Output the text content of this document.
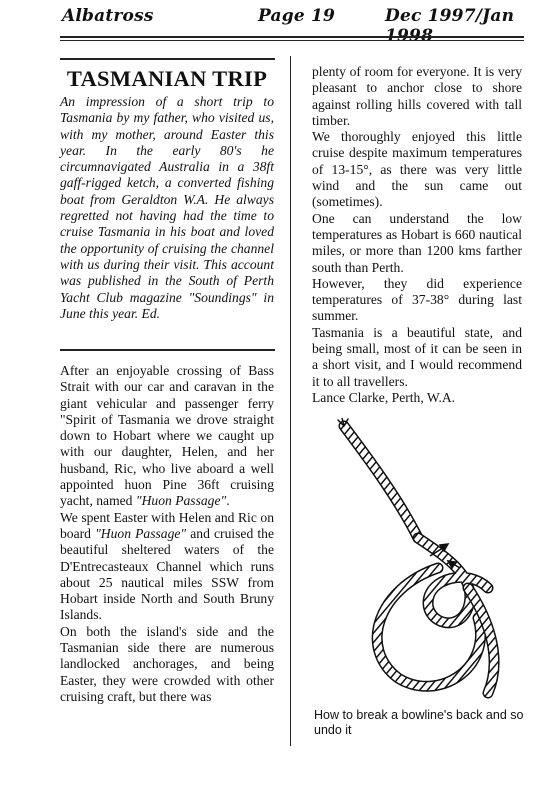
Albatross	Page 19	Dec 1997/Jan 1998
TASMANIAN TRIP

An impression of a short trip to Tasmania by my father, who visited us, with my mother, around Easter this year. In the early 80's he circumnavigated Australia in a 38ft gaff-rigged ketch, a converted fishing boat from Geraldton W.A. He always regretted not having had the time to cruise Tasmania in his boat and loved the opportunity of cruising the channel with us during their visit. This account was published in the South of Perth Yacht Club magazine "Soundings" in June this year. Ed.

After an enjoyable crossing of Bass Strait with our car and caravan in the giant vehicular and passenger ferry "Spirit of Tasmania we drove straight down to Hobart where we caught up with our daughter, Helen, and her husband, Ric, who live aboard a well appointed huon Pine 36ft cruising yacht, named "Huon Passage".

We spent Easter with Helen and Ric on board "Huon Passage" and cruised the beautiful sheltered waters of the D'Entrecasteaux Channel which runs about 25 nautical miles SSW from Hobart inside North and South Bruny Islands.

On both the island's side and the Tasmanian side there are numerous landlocked anchorages, and being Easter, they were crowded with other cruising craft, but there was

plenty of room for everyone. It is very pleasant to anchor close to shore against rolling hills covered with tall timber.

We thoroughly enjoyed this little cruise despite maximum temperatures of 13-15°, as there was very little wind and the sun came out (sometimes).

One can understand the low temperatures as Hobart is 660 nautical miles, or more than 1200 kms farther south than Perth.

However, they did experience temperatures of 37-38° during last summer.

Tasmania is a beautiful state, and being small, most of it can be seen in a short visit, and I would recommend it to all travellers.

Lance Clarke, Perth, W.A.

How to break a bowline's back and so undo it
